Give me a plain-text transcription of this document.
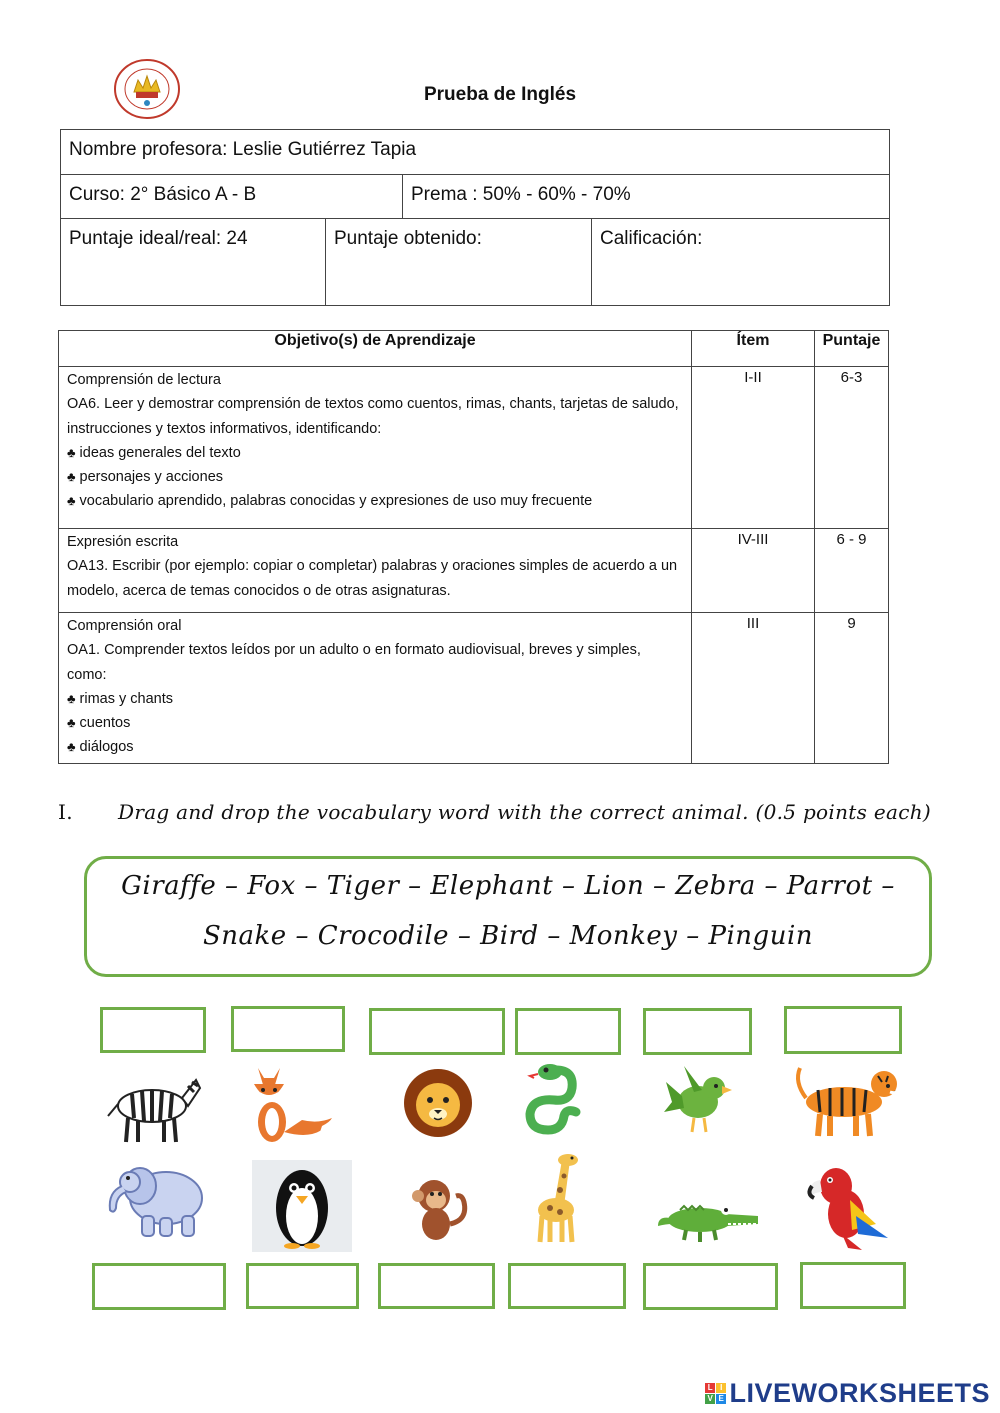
Prueba de Inglés
Nombre profesora: Leslie Gutiérrez Tapia
Curso: 2° Básico A - B	Prema : 50% - 60% - 70%
Puntaje ideal/real: 24	Puntaje obtenido:	Calificación:
Objetivo(s) de Aprendizaje	Ítem	Puntaje

Comprensión de lectura
OA6. Leer y demostrar comprensión de textos como cuentos, rimas, chants, tarjetas de saludo, instrucciones y textos informativos, identificando:
♣ ideas generales del texto
♣ personajes y acciones
♣ vocabulario aprendido, palabras conocidas y expresiones de uso muy frecuente	I-II	6-3

Expresión escrita
OA13. Escribir (por ejemplo: copiar o completar) palabras y oraciones simples de acuerdo a un modelo, acerca de temas conocidos o de otras asignaturas.	IV-III	6 - 9

Comprensión oral
OA1. Comprender textos leídos por un adulto o en formato audiovisual, breves y simples, como:
♣ rimas y chants
♣ cuentos
♣ diálogos	III	9
I. Drag and drop the vocabulary word with the correct animal. (0.5 points each)
Giraffe – Fox – Tiger – Elephant – Lion – Zebra – Parrot –
Snake – Crocodile – Bird – Monkey – Pinguin
L I
V E LIVEWORKSHEETS
